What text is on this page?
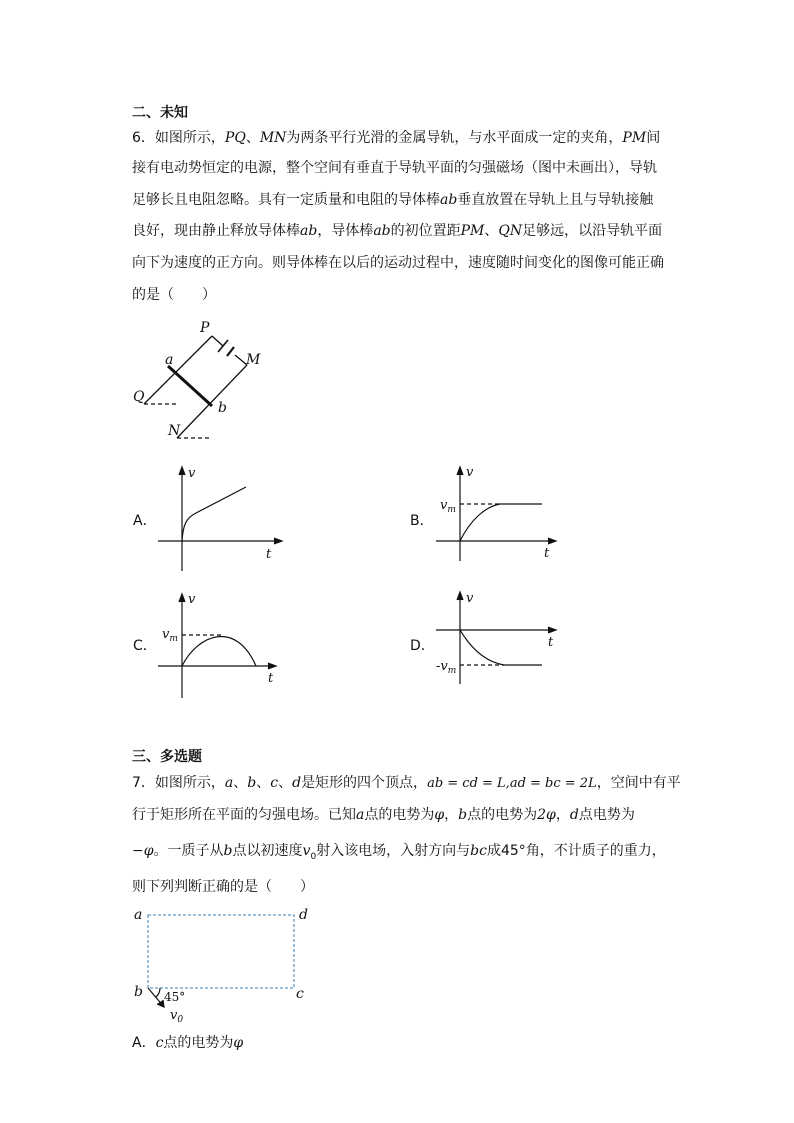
二、未知
6．如图所示，PQ、MN为两条平行光滑的金属导轨，与水平面成一定的夹角，PM间
接有电动势恒定的电源，整个空间有垂直于导轨平面的匀强磁场（图中未画出），导轨
足够长且电阻忽略。具有一定质量和电阻的导体棒ab垂直放置在导轨上且与导轨接触
良好，现由静止释放导体棒ab，导体棒ab的初位置距PM、QN足够远，以沿导轨平面
向下为速度的正方向。则导体棒在以后的运动过程中，速度随时间变化的图像可能正确
的是（　　）
P
M
a
b
Q
N
A．
v
t
B．
v
t
$v_m$
C．
v
t
$v_m$	D．
v
t
$-v_m$
三、多选题
7．如图所示，a、b、c、d是矩形的四个顶点，ab = cd = L,ad = bc = 2L，空间中有平
行于矩形所在平面的匀强电场。已知a点的电势为φ，b点的电势为2φ，d点电势为
−φ。一质子从b点以初速度$v_0$射入该电场，入射方向与bc成45°角，不计质子的重力，
则下列判断正确的是（　　）
a	d
b	c
45°
$v_0$
A．c点的电势为φ
